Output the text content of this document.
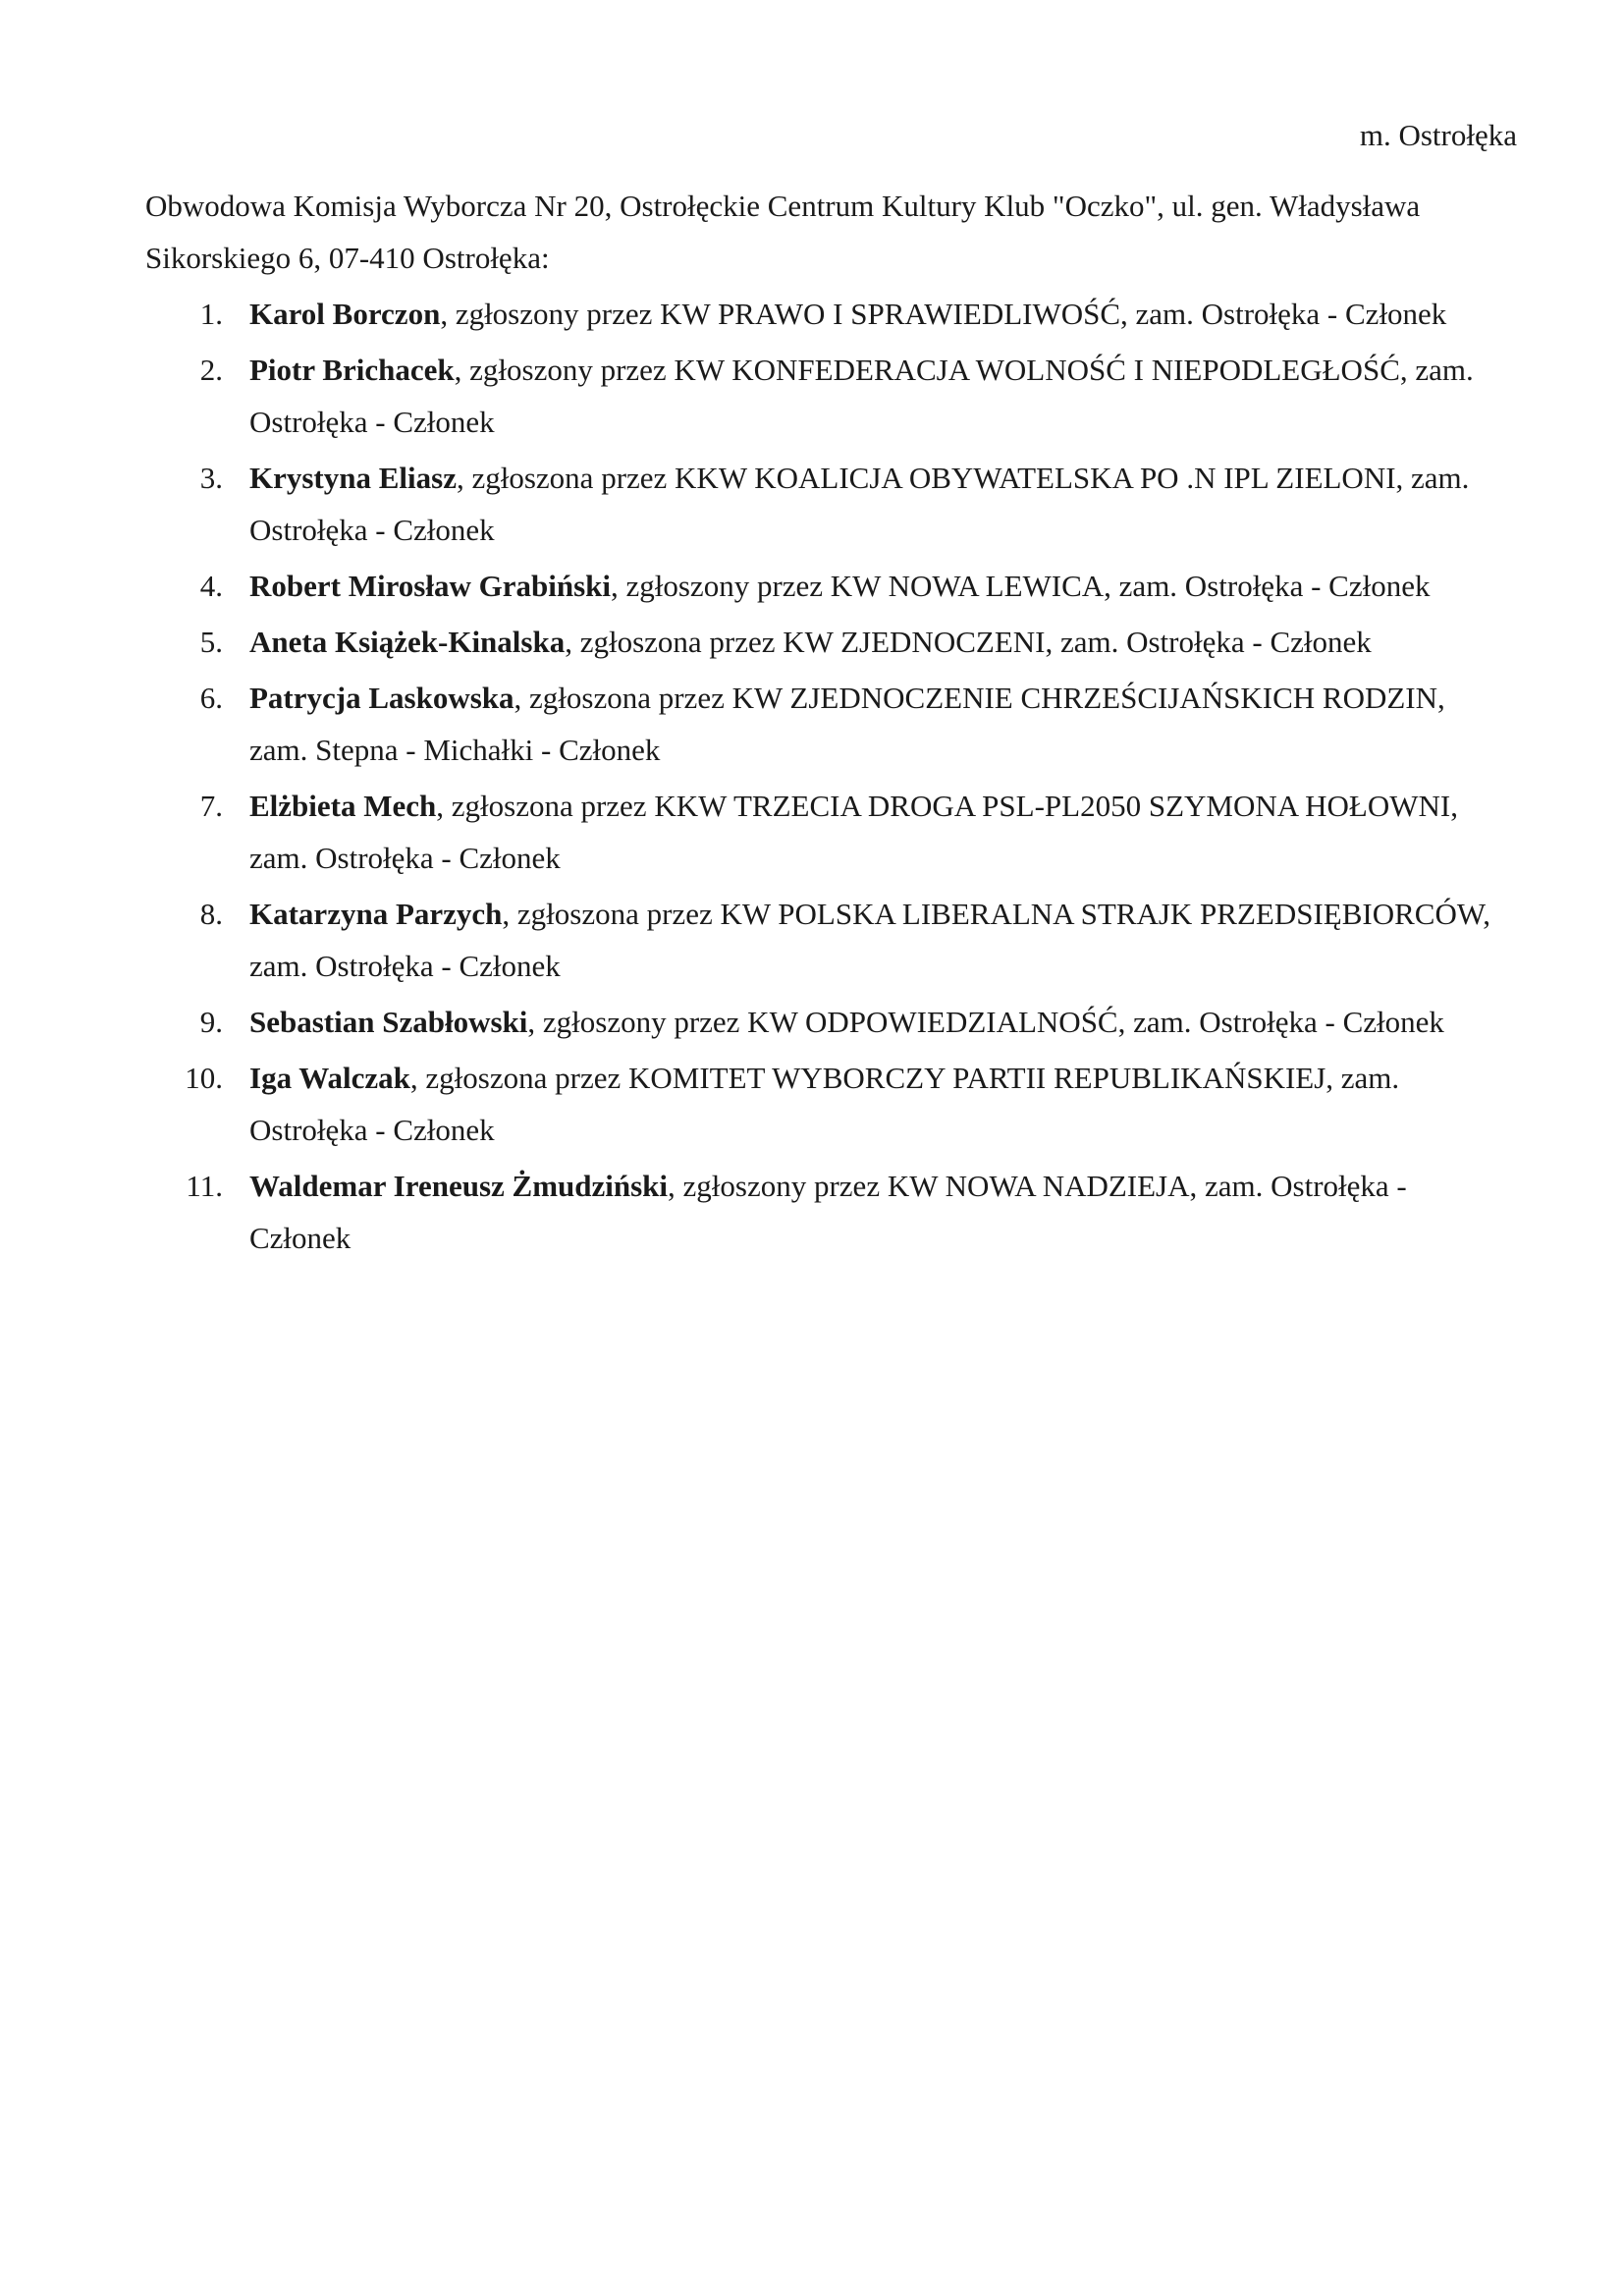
m. Ostrołęka
Obwodowa Komisja Wyborcza Nr 20, Ostrołęckie Centrum Kultury Klub "Oczko", ul. gen. Władysława Sikorskiego 6, 07-410 Ostrołęka:
1. Karol Borczon, zgłoszony przez KW PRAWO I SPRAWIEDLIWOŚĆ, zam. Ostrołęka - Członek
2. Piotr Brichacek, zgłoszony przez KW KONFEDERACJA WOLNOŚĆ I NIEPODLEGŁOŚĆ, zam. Ostrołęka - Członek
3. Krystyna Eliasz, zgłoszona przez KKW KOALICJA OBYWATELSKA PO .N IPL ZIELONI, zam. Ostrołęka - Członek
4. Robert Mirosław Grabiński, zgłoszony przez KW NOWA LEWICA, zam. Ostrołęka - Członek
5. Aneta Książek-Kinalska, zgłoszona przez KW ZJEDNOCZENI, zam. Ostrołęka - Członek
6. Patrycja Laskowska, zgłoszona przez KW ZJEDNOCZENIE CHRZEŚCIJAŃSKICH RODZIN, zam. Stepna - Michałki - Członek
7. Elżbieta Mech, zgłoszona przez KKW TRZECIA DROGA PSL-PL2050 SZYMONA HOŁOWNI, zam. Ostrołęka - Członek
8. Katarzyna Parzych, zgłoszona przez KW POLSKA LIBERALNA STRAJK PRZEDSIĘBIORCÓW, zam. Ostrołęka - Członek
9. Sebastian Szabłowski, zgłoszony przez KW ODPOWIEDZIALNOŚĆ, zam. Ostrołęka - Członek
10. Iga Walczak, zgłoszona przez KOMITET WYBORCZY PARTII REPUBLIKAŃSKIEJ, zam. Ostrołęka - Członek
11. Waldemar Ireneusz Żmudziński, zgłoszony przez KW NOWA NADZIEJA, zam. Ostrołęka - Członek
